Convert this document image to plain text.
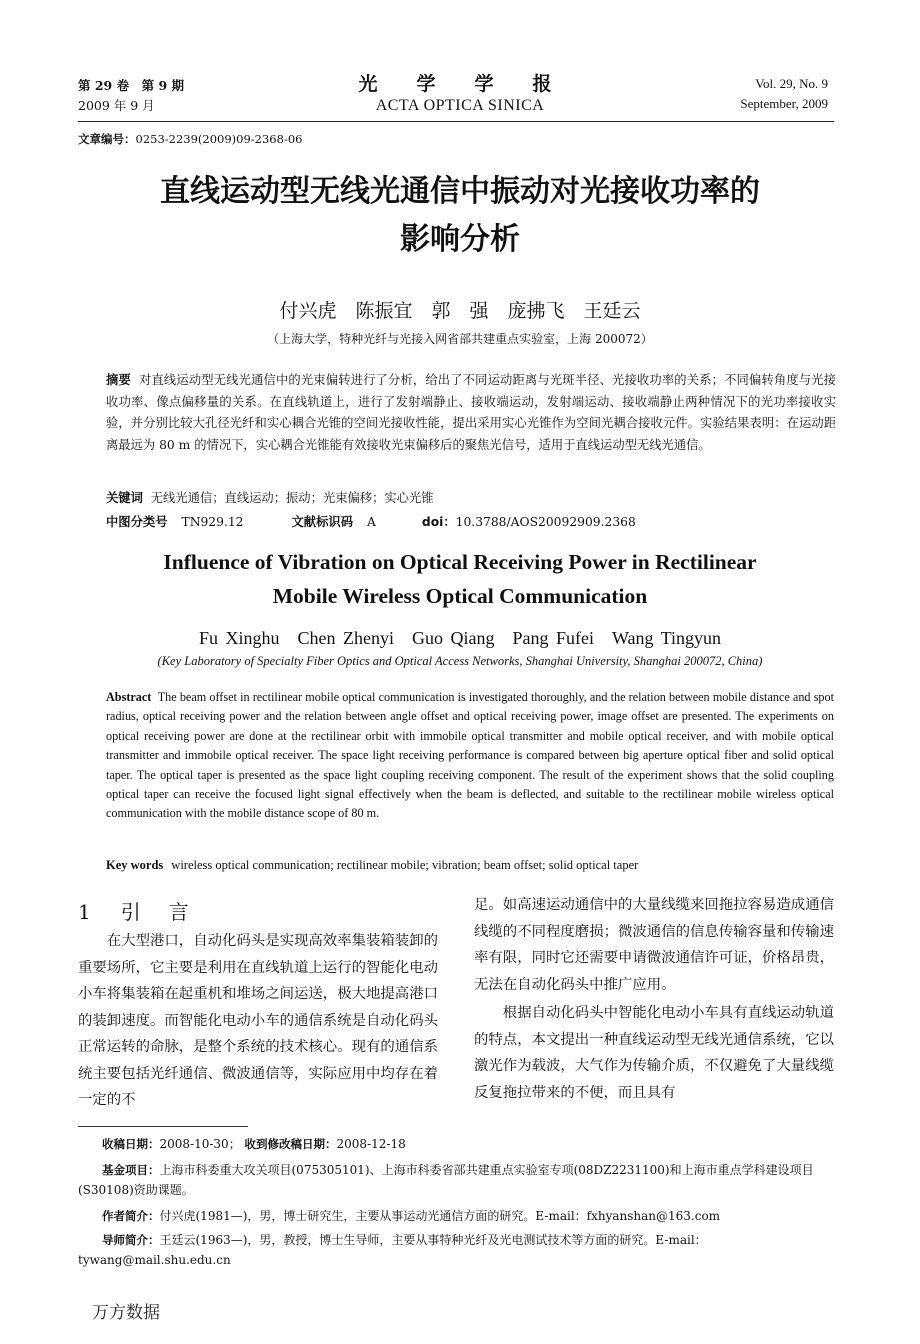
第 29 卷　第 9 期
2009 年 9 月
光　学　学　报
ACTA OPTICA SINICA
Vol. 29, No. 9
September, 2009
文章编号：0253-2239(2009)09-2368-06
直线运动型无线光通信中振动对光接收功率的
影响分析
付兴虎　陈振宜　郭　强　庞拂飞　王廷云
（上海大学，特种光纤与光接入网省部共建重点实验室，上海 200072）
摘要 对直线运动型无线光通信中的光束偏转进行了分析，给出了不同运动距离与光斑半径、光接收功率的关系；不同偏转角度与光接收功率、像点偏移量的关系。在直线轨道上，进行了发射端静止、接收端运动，发射端运动、接收端静止两种情况下的光功率接收实验，并分别比较大孔径光纤和实心耦合光锥的空间光接收性能，提出采用实心光锥作为空间光耦合接收元件。实验结果表明：在运动距离最远为 80 m 的情况下，实心耦合光锥能有效接收光束偏移后的聚焦光信号，适用于直线运动型无线光通信。
关键词 无线光通信；直线运动；振动；光束偏移；实心光锥
中图分类号 TN929.12	文献标识码 A	doi：10.3788/AOS20092909.2368
Influence of Vibration on Optical Receiving Power in Rectilinear
Mobile Wireless Optical Communication
Fu Xinghu　Chen Zhenyi　Guo Qiang　Pang Fufei　Wang Tingyun
(Key Laboratory of Specialty Fiber Optics and Optical Access Networks, Shanghai University, Shanghai 200072, China)
Abstract The beam offset in rectilinear mobile optical communication is investigated thoroughly, and the relation between mobile distance and spot radius, optical receiving power and the relation between angle offset and optical receiving power, image offset are presented. The experiments on optical receiving power are done at the rectilinear orbit with immobile optical transmitter and mobile optical receiver, and with mobile optical transmitter and immobile optical receiver. The space light receiving performance is compared between big aperture optical fiber and solid optical taper. The optical taper is presented as the space light coupling receiving component. The result of the experiment shows that the solid coupling optical taper can receive the focused light signal effectively when the beam is deflected, and suitable to the rectilinear mobile wireless optical communication with the mobile distance scope of 80 m.
Key words wireless optical communication; rectilinear mobile; vibration; beam offset; solid optical taper
1 引　言

在大型港口，自动化码头是实现高效率集装箱装卸的重要场所，它主要是利用在直线轨道上运行的智能化电动小车将集装箱在起重机和堆场之间运送，极大地提高港口的装卸速度。而智能化电动小车的通信系统是自动化码头正常运转的命脉，是整个系统的技术核心。现有的通信系统主要包括光纤通信、微波通信等，实际应用中均存在着一定的不

足。如高速运动通信中的大量线缆来回拖拉容易造成通信线缆的不同程度磨损；微波通信的信息传输容量和传输速率有限，同时它还需要申请微波通信许可证，价格昂贵，无法在自动化码头中推广应用。

根据自动化码头中智能化电动小车具有直线运动轨道的特点，本文提出一种直线运动型无线光通信系统，它以激光作为载波，大气作为传输介质，不仅避免了大量线缆反复拖拉带来的不便，而且具有

收稿日期：2008-10-30； 收到修改稿日期：2008-12-18
基金项目：上海市科委重大攻关项目(075305101)、上海市科委省部共建重点实验室专项(08DZ2231100)和上海市重点学科建设项目(S30108)资助课题。
作者简介：付兴虎(1981—)，男，博士研究生，主要从事运动光通信方面的研究。E-mail：fxhyanshan@163.com
导师简介：王廷云(1963—)，男，教授，博士生导师，主要从事特种光纤及光电测试技术等方面的研究。E-mail：tywang@mail.shu.edu.cn
万方数据
